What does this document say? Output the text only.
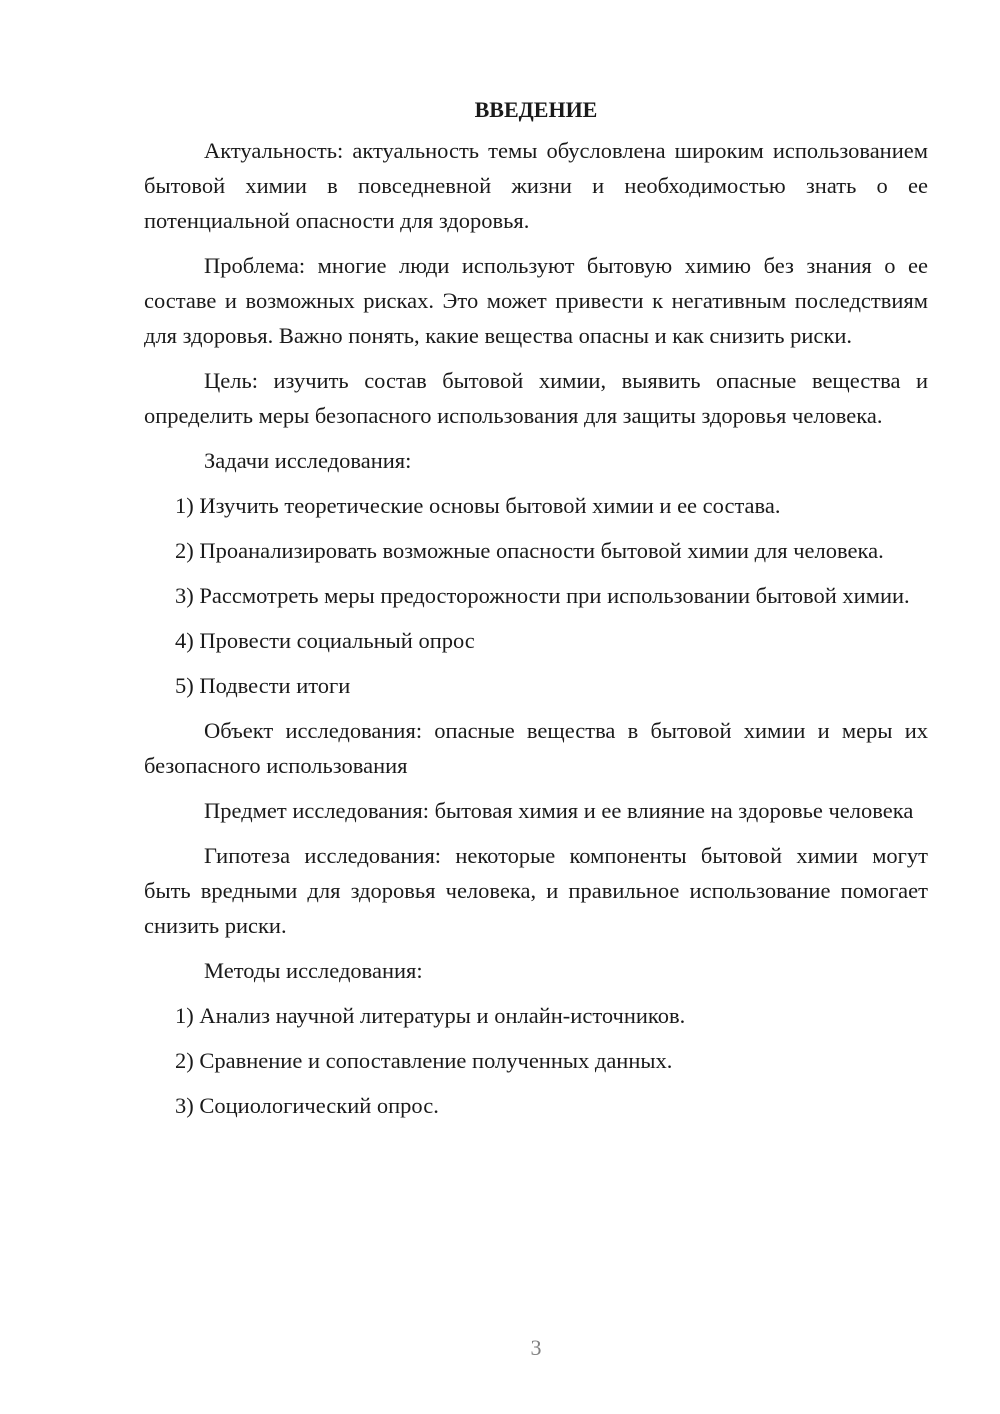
ВВЕДЕНИЕ

Актуальность: актуальность темы обусловлена широким использованием бытовой химии в повседневной жизни и необходимостью знать о ее потенциальной опасности для здоровья.

Проблема: многие люди используют бытовую химию без знания о ее составе и возможных рисках. Это может привести к негативным последствиям для здоровья. Важно понять, какие вещества опасны и как снизить риски.

Цель: изучить состав бытовой химии, выявить опасные вещества и определить меры безопасного использования для защиты здоровья человека.

Задачи исследования:

1) Изучить теоретические основы бытовой химии и ее состава.

2) Проанализировать возможные опасности бытовой химии для человека.

3) Рассмотреть меры предосторожности при использовании бытовой химии.

4) Провести социальный опрос

5) Подвести итоги

Объект исследования: опасные вещества в бытовой химии и меры их безопасного использования

Предмет исследования: бытовая химия и ее влияние на здоровье человека

Гипотеза исследования: некоторые компоненты бытовой химии могут быть вредными для здоровья человека, и правильное использование помогает снизить риски.

Методы исследования:

1) Анализ научной литературы и онлайн-источников.

2) Сравнение и сопоставление полученных данных.

3) Социологический опрос.

3
